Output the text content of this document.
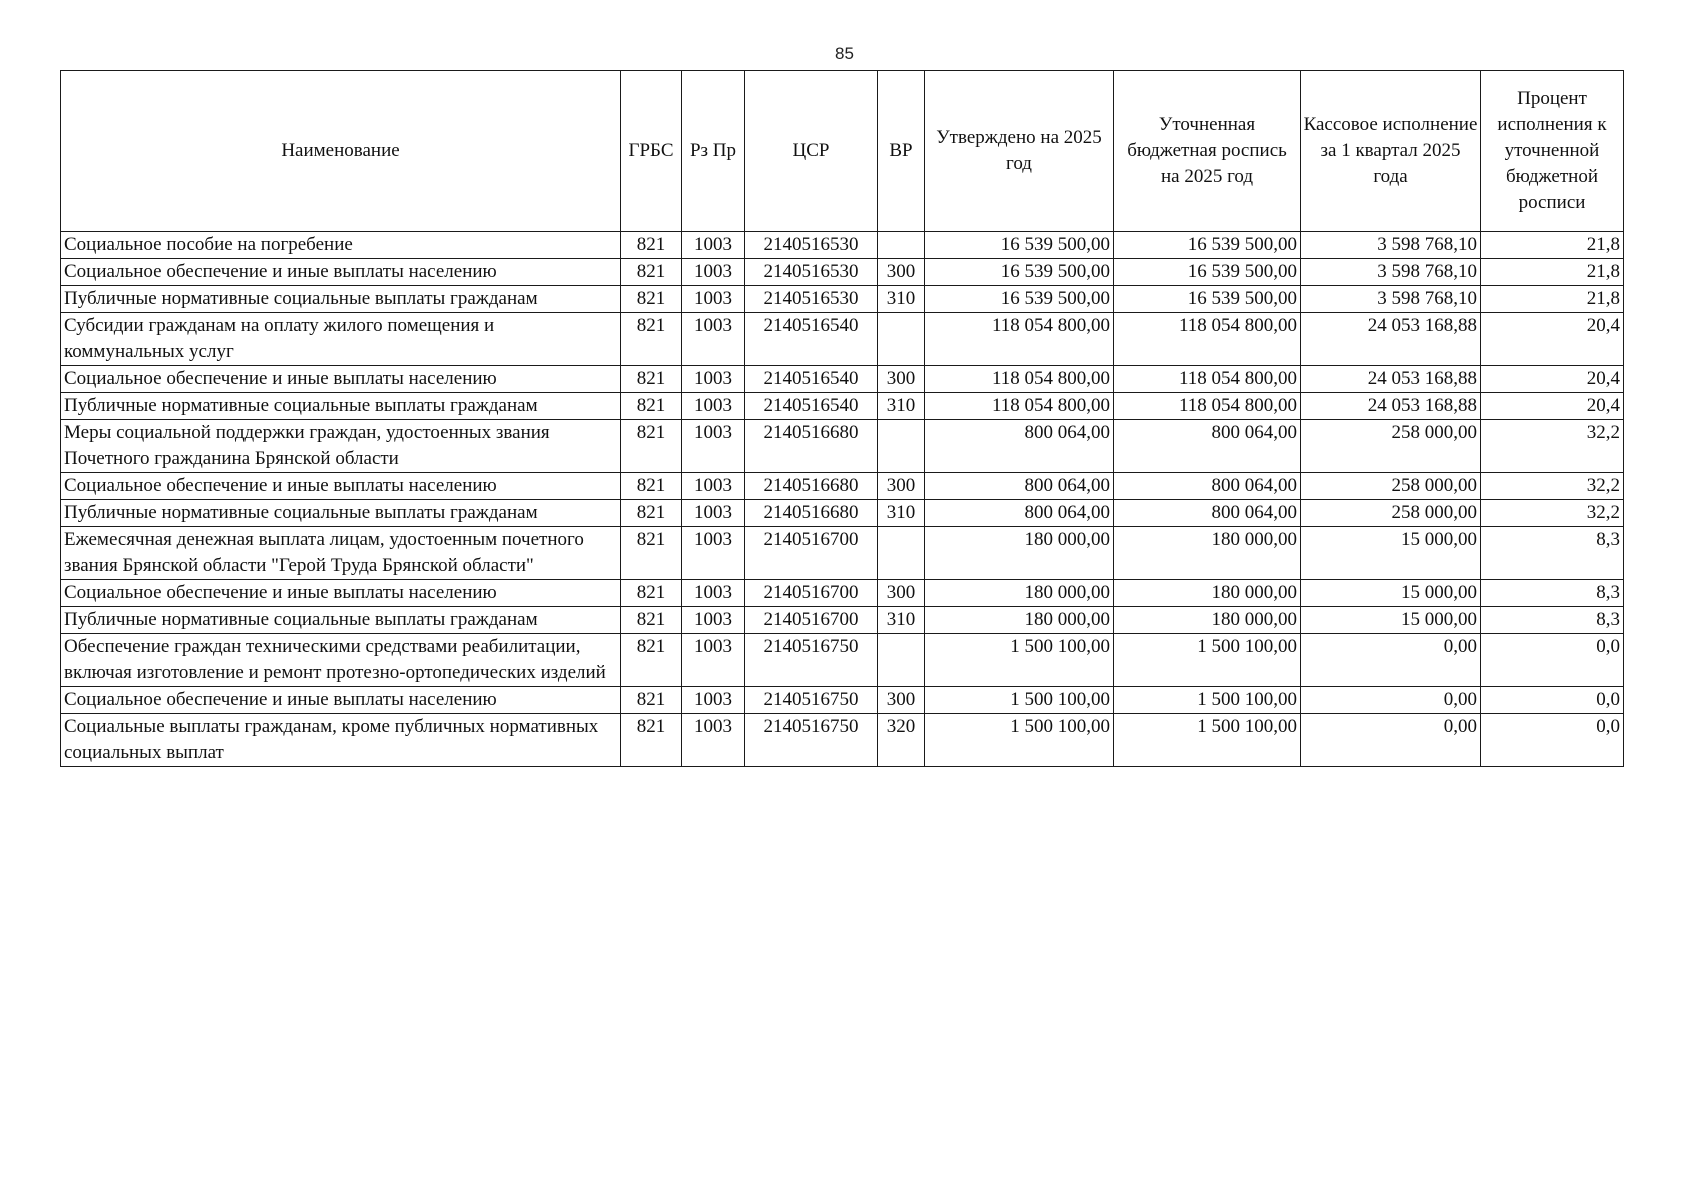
85
Наименование	ГРБС	Рз Пр	ЦСР	ВР	Утверждено на 2025 год	Уточненная бюджетная роспись на 2025 год	Кассовое исполнение за 1 квартал 2025 года	Процент исполнения к уточненной бюджетной росписи
Социальное пособие на погребение	821	1003	2140516530		16 539 500,00	16 539 500,00	3 598 768,10	21,8
Социальное обеспечение и иные выплаты населению	821	1003	2140516530	300	16 539 500,00	16 539 500,00	3 598 768,10	21,8
Публичные нормативные социальные выплаты гражданам	821	1003	2140516530	310	16 539 500,00	16 539 500,00	3 598 768,10	21,8
Субсидии гражданам на оплату жилого помещения и коммунальных услуг	821	1003	2140516540		118 054 800,00	118 054 800,00	24 053 168,88	20,4
Социальное обеспечение и иные выплаты населению	821	1003	2140516540	300	118 054 800,00	118 054 800,00	24 053 168,88	20,4
Публичные нормативные социальные выплаты гражданам	821	1003	2140516540	310	118 054 800,00	118 054 800,00	24 053 168,88	20,4
Меры социальной поддержки граждан, удостоенных звания Почетного гражданина Брянской области	821	1003	2140516680		800 064,00	800 064,00	258 000,00	32,2
Социальное обеспечение и иные выплаты населению	821	1003	2140516680	300	800 064,00	800 064,00	258 000,00	32,2
Публичные нормативные социальные выплаты гражданам	821	1003	2140516680	310	800 064,00	800 064,00	258 000,00	32,2
Ежемесячная денежная выплата лицам, удостоенным почетного звания Брянской области "Герой Труда Брянской области"	821	1003	2140516700		180 000,00	180 000,00	15 000,00	8,3
Социальное обеспечение и иные выплаты населению	821	1003	2140516700	300	180 000,00	180 000,00	15 000,00	8,3
Публичные нормативные социальные выплаты гражданам	821	1003	2140516700	310	180 000,00	180 000,00	15 000,00	8,3
Обеспечение граждан техническими средствами реабилитации, включая изготовление и ремонт протезно-ортопедических изделий	821	1003	2140516750		1 500 100,00	1 500 100,00	0,00	0,0
Социальное обеспечение и иные выплаты населению	821	1003	2140516750	300	1 500 100,00	1 500 100,00	0,00	0,0
Социальные выплаты гражданам, кроме публичных нормативных социальных выплат	821	1003	2140516750	320	1 500 100,00	1 500 100,00	0,00	0,0
